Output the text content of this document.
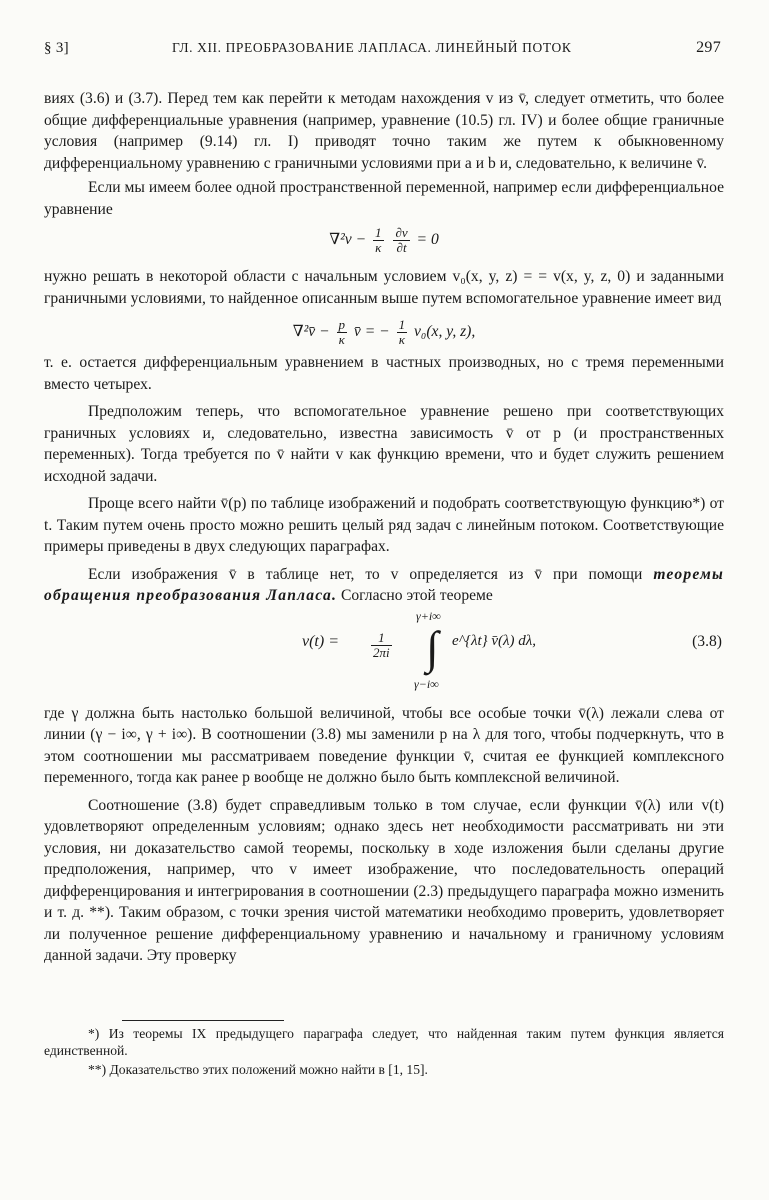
§ 3]	ГЛ. XII. ПРЕОБРАЗОВАНИЕ ЛАПЛАСА. ЛИНЕЙНЫЙ ПОТОК	297

виях (3.6) и (3.7). Перед тем как перейти к методам нахождения v из v̄, следует отметить, что более общие дифференциальные уравнения (например, уравнение (10.5) гл. IV) и более общие граничные условия (например (9.14) гл. I) приводят точно таким же путем к обыкновенному дифференциальному уравнению с граничными условиями при a и b и, следовательно, к величине v̄.

Если мы имеем более одной пространственной переменной, например если дифференциальное уравнение

$\nabla^2v - \frac{1}{\kappa}$
$\frac{\partial v}{\partial t} = 0$

нужно решать в некоторой области с начальным условием v₀(x, y, z) = = v(x, y, z, 0) и заданными граничными условиями, то найденное описанным выше путем вспомогательное уравнение имеет вид

∇²v̄ − $\frac{p}{\kappa}$ v̄ = − $\frac{1}{\kappa} v_0(x$, y, z),

т. е. остается дифференциальным уравнением в частных производных, но с тремя переменными вместо четырех.

Предположим теперь, что вспомогательное уравнение решено при соответствующих граничных условиях и, следовательно, известна зависимость v̄ от p (и пространственных переменных). Тогда требуется по v̄ найти v как функцию времени, что и будет служить решением исходной задачи.

Проще всего найти v̄(p) по таблице изображений и подобрать соответствующую функцию*) от t. Таким путем очень просто можно решить целый ряд задач с линейным потоком. Соответствующие примеры приведены в двух следующих параграфах.

Если изображения v̄ в таблице нет, то v определяется из v̄ при помощи теоремы обращения преобразования Лапласа. Согласно этой теореме

$v(t) = \frac{1}{2\pi i}$
γ+i∞
∫
γ−i∞
e^{λt} v̄(λ) dλ,	(3.8)

где γ должна быть настолько большой величиной, чтобы все особые точки v̄(λ) лежали слева от линии (γ − i∞, γ + i∞). В соотношении (3.8) мы заменили p на λ для того, чтобы подчеркнуть, что в этом соотношении мы рассматриваем поведение функции v̄, считая ее функцией комплексного переменного, тогда как ранее p вообще не должно было быть комплексной величиной.

Соотношение (3.8) будет справедливым только в том случае, если функции v̄(λ) или v(t) удовлетворяют определенным условиям; однако здесь нет необходимости рассматривать ни эти условия, ни доказательство самой теоремы, поскольку в ходе изложения были сделаны другие предположения, например, что v имеет изображение, что последовательность операций дифференцирования и интегрирования в соотношении (2.3) предыдущего параграфа можно изменить и т. д. **). Таким образом, с точки зрения чистой математики необходимо проверить, удовлетворяет ли полученное решение дифференциальному уравнению и начальному и граничному условиям данной задачи. Эту проверку

*) Из теоремы IX предыдущего параграфа следует, что найденная таким путем функция является единственной.

**) Доказательство этих положений можно найти в [1, 15].
